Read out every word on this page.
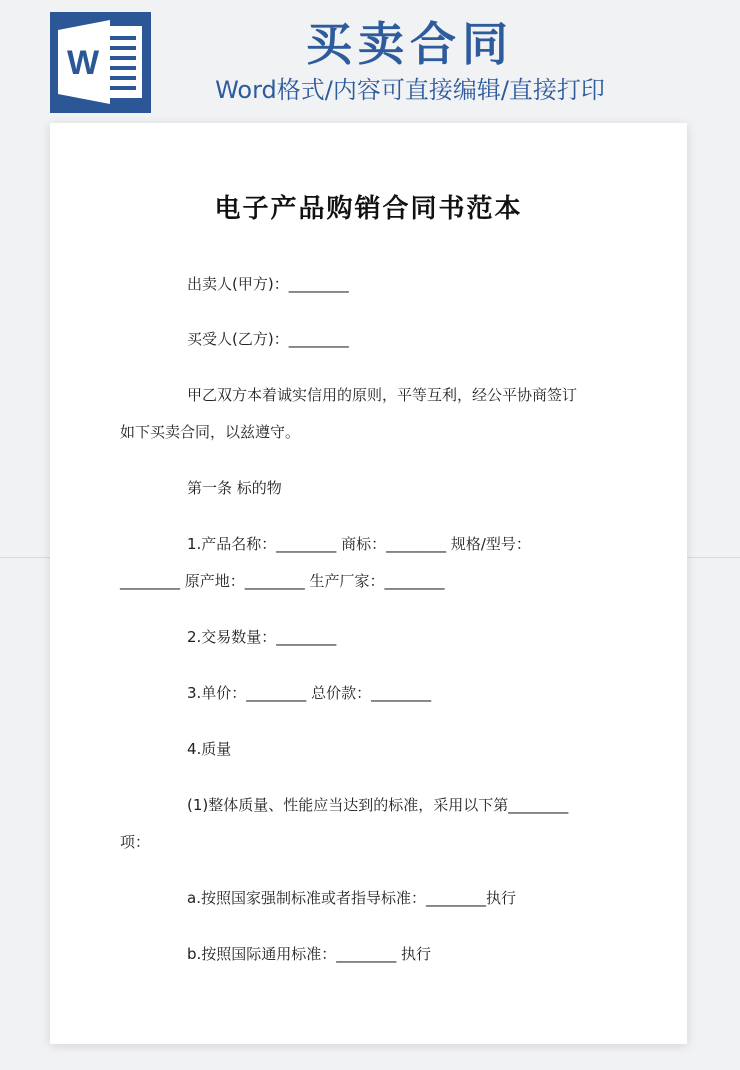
W	买卖合同
Word格式/内容可直接编辑/直接打印
电子产品购销合同书范本
出卖人(甲方)：________
买受人(乙方)：________
甲乙双方本着诚实信用的原则，平等互利，经公平协商签订
如下买卖合同，以兹遵守。
第一条 标的物
1.产品名称：________ 商标：________ 规格/型号：
________ 原产地：________ 生产厂家：________
2.交易数量：________
3.单价：________ 总价款：________
4.质量
(1)整体质量、性能应当达到的标准，采用以下第________
项：
a.按照国家强制标准或者指导标准：________执行
b.按照国际通用标准：________ 执行
